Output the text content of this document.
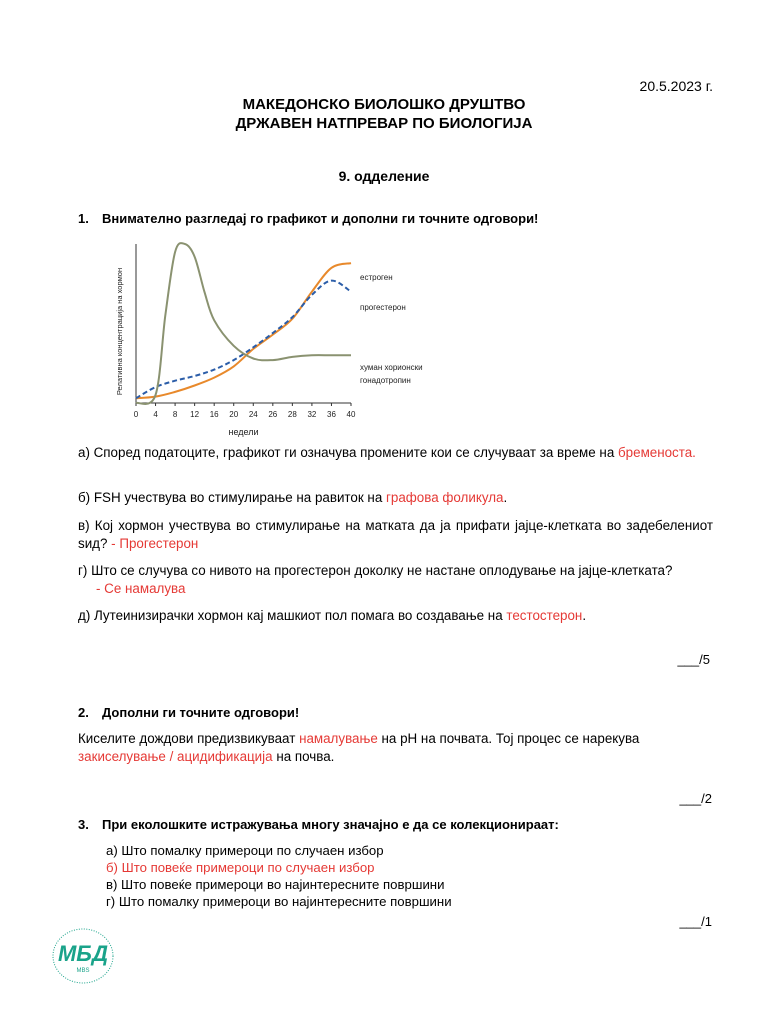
20.5.2023 г.
МАКЕДОНСКО БИОЛОШКО ДРУШТВО
ДРЖАВЕН НАТПРЕВАР ПО БИОЛОГИЈА
9. одделение
1. Внимателно разгледај го графикот и дополни ги точните одговори!
0 4 8 12 16 20 24 26 28 32 36 40
недели
Релативна концентрација на хормон	естроген
прогестерон
хуман хорионски
гонадотропин
а) Според податоците, графикот ги означува промените кои се случуваат за време на бременоста.
б) FSH учествува во стимулирање на равиток на графова фоликула.
в) Кој хормон учествува во стимулирање на матката да ја прифати јајце-клетката во задебелениот sид? - Прогестерон
г) Што се случува со нивото на прогестерон доколку не настане оплодување на јајце-клетката?
- Се намалува
д) Лутеинизирачки хормон кај машкиот пол помага во создавање на тестостерон.
___/5
2. Дополни ги точните одговори!
Киселите дождови предизвикуваат намалување на pH на почвата. Тој процес се нарекува
закиселување / ацидификација на почва.
___/2
3. При еколошките истражувања многу значајно е да се колекционираат:
а) Што помалку примероци по случаен избор
б) Што повеќе примероци по случаен избор
в) Што повеќе примероци во најинтересните површини
г) Што помалку примероци во најинтересните површини
___/1
МБД
MBS
